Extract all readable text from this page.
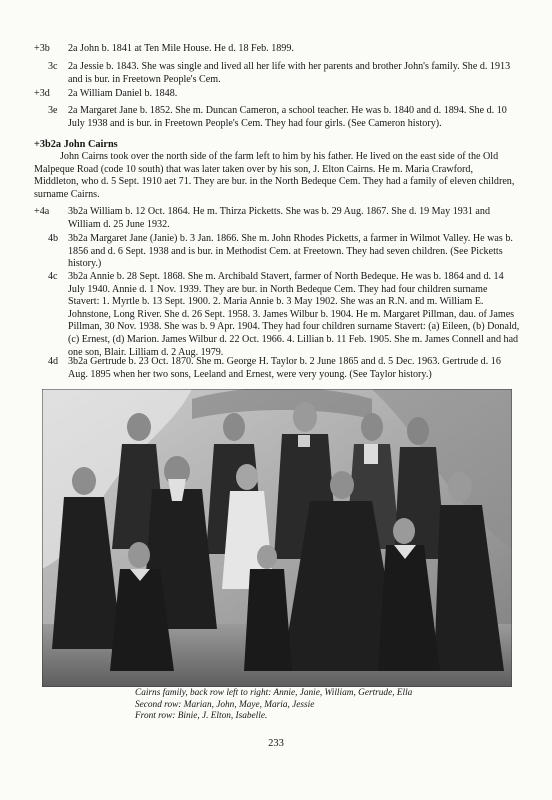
+3b	2a John b. 1841 at Ten Mile House. He d. 18 Feb. 1899.
3c	2a Jessie b. 1843. She was single and lived all her life with her parents and brother John's family. She d. 1913 and is bur. in Freetown People's Cem.
+3d	2a William Daniel b. 1848.
3e	2a Margaret Jane b. 1852. She m. Duncan Cameron, a school teacher. He was b. 1840 and d. 1894. She d. 10 July 1938 and is bur. in Freetown People's Cem. They had four girls. (See Cameron history).
+3b2a John Cairns
John Cairns took over the north side of the farm left to him by his father. He lived on the east side of the Old Malpeque Road (code 10 south) that was later taken over by his son, J. Elton Cairns. He m. Maria Crawford, Middleton, who d. 5 Sept. 1910 aet 71. They are bur. in the North Bedeque Cem. They had a family of eleven children, surname Cairns.
+4a	3b2a William b. 12 Oct. 1864. He m. Thirza Picketts. She was b. 29 Aug. 1867. She d. 19 May 1931 and William d. 25 June 1932.
4b 3b2a Margaret Jane (Janie) b. 3 Jan. 1866. She m. John Rhodes Picketts, a farmer in Wilmot Valley. He was b. 1856 and d. 6 Sept. 1938 and is bur. in Methodist Cem. at Freetown. They had seven children. (See Picketts history.)
4c	3b2a Annie b. 28 Sept. 1868. She m. Archibald Stavert, farmer of North Bedeque. He was b. 1864 and d. 14 July 1940. Annie d. 1 Nov. 1939. They are bur. in North Bedeque Cem. They had four children surname Stavert: 1. Myrtle b. 13 Sept. 1900. 2. Maria Annie b. 3 May 1902. She was an R.N. and m. William E. Johnstone, Long River. She d. 26 Sept. 1958. 3. James Wilbur b. 1904. He m. Margaret Pillman, dau. of James Pillman, 30 Nov. 1938. She was b. 9 Apr. 1904. They had four children surname Stavert: (a) Eileen, (b) Donald, (c) Ernest, (d) Marion. James Wilbur d. 22 Oct. 1966. 4. Lillian b. 11 Feb. 1905. She m. James Connell and had one son, Blair. Lilliam d. 2 Aug. 1979.
4d 3b2a Gertrude b. 23 Oct. 1870. She m. George H. Taylor b. 2 June 1865 and d. 5 Dec. 1963. Gertrude d. 16 Aug. 1895 when her two sons, Leeland and Ernest, were very young. (See Taylor history.)
Cairns family, back row left to right: Annie, Janie, William, Gertrude, Ella
Second row: Marian, John, Maye, Maria, Jessie
Front row: Binie, J. Elton, Isabelle.
233
